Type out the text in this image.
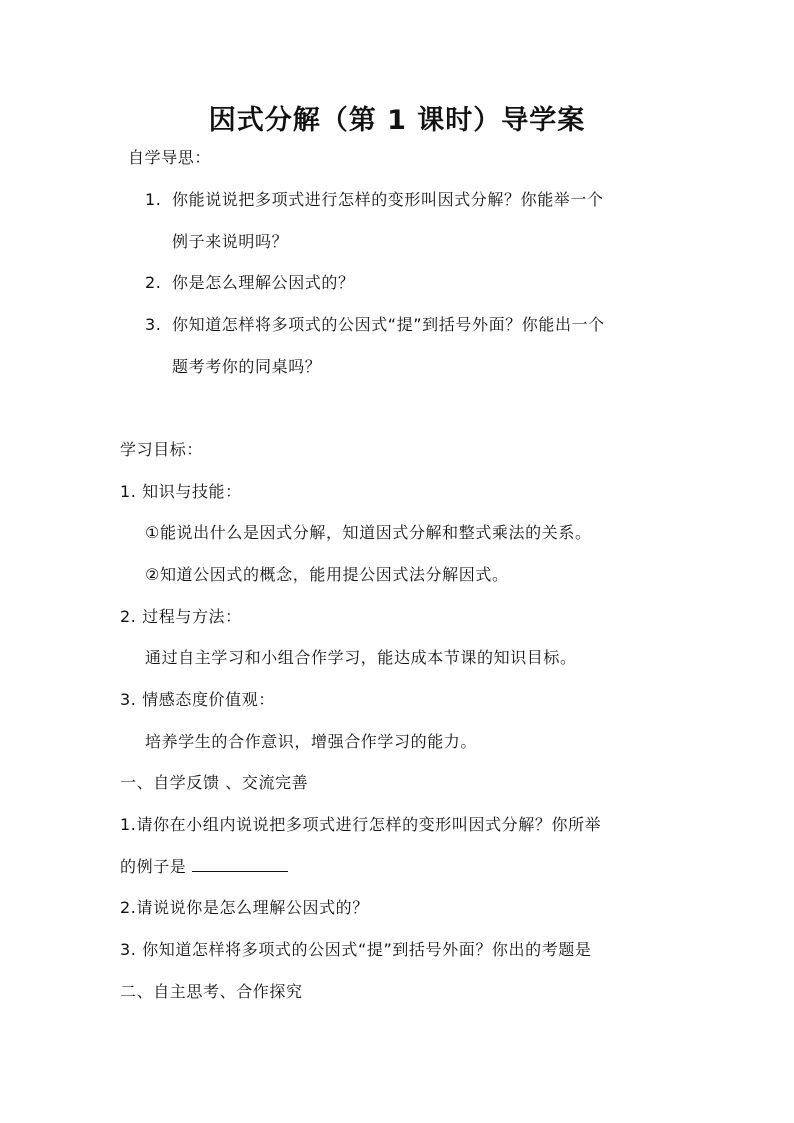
因式分解（第 1 课时）导学案
自学导思：
1. 你能说说把多项式进行怎样的变形叫因式分解？你能举一个
例子来说明吗？
2. 你是怎么理解公因式的？
3. 你知道怎样将多项式的公因式“提”到括号外面？你能出一个
题考考你的同桌吗？
学习目标：
1. 知识与技能：
①能说出什么是因式分解，知道因式分解和整式乘法的关系。
②知道公因式的概念，能用提公因式法分解因式。
2. 过程与方法：
通过自主学习和小组合作学习，能达成本节课的知识目标。
3. 情感态度价值观：
培养学生的合作意识，增强合作学习的能力。
一、自学反馈 、交流完善
1.请你在小组内说说把多项式进行怎样的变形叫因式分解？你所举
的例子是
2.请说说你是怎么理解公因式的？
3. 你知道怎样将多项式的公因式“提”到括号外面？你出的考题是
二、自主思考、合作探究
